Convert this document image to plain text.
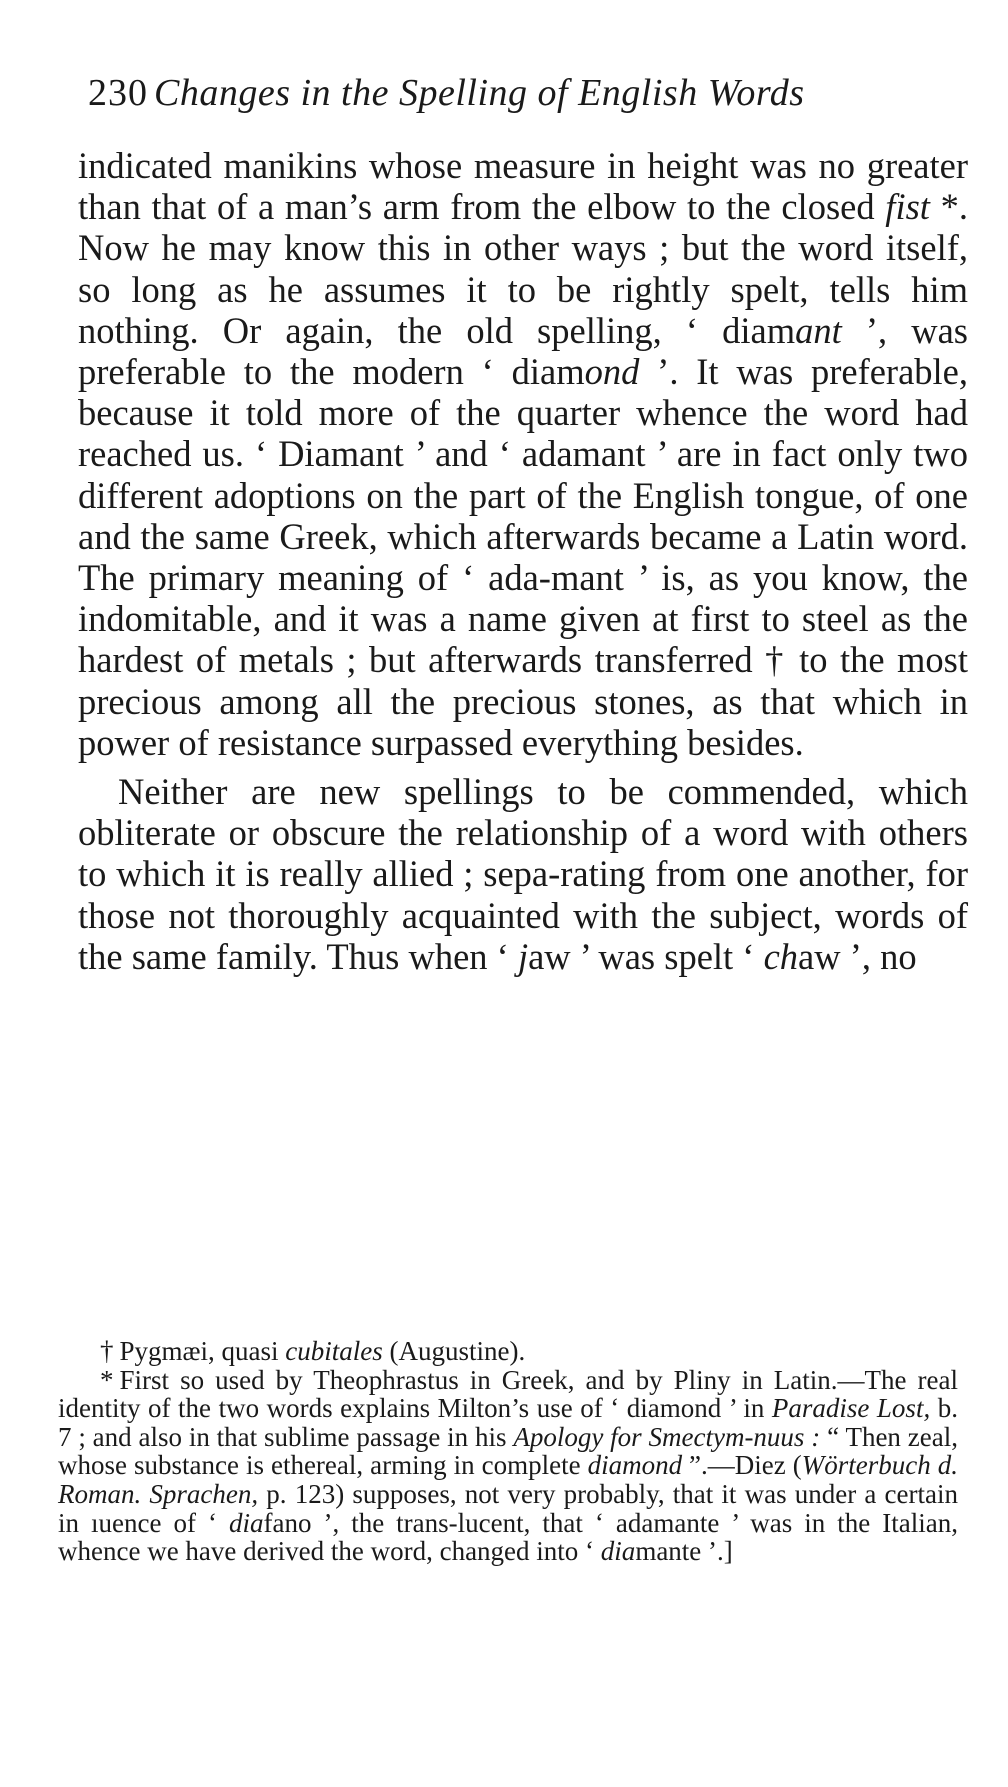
230 Changes in the Spelling of English Words

indicated manikins whose measure in height was no greater than that of a man’s arm from the elbow to the closed fist *. Now he may know this in other ways ; but the word itself, so long as he assumes it to be rightly spelt, tells him nothing. Or again, the old spelling, ‘ diamant ’, was preferable to the modern ‘ diamond ’. It was preferable, because it told more of the quarter whence the word had reached us. ‘ Diamant ’ and ‘ adamant ’ are in fact only two different adoptions on the part of the English tongue, of one and the same Greek, which afterwards became a Latin word. The primary meaning of ‘ ada-mant ’ is, as you know, the indomitable, and it was a name given at first to steel as the hardest of metals ; but afterwards transferred † to the most precious among all the precious stones, as that which in power of resistance surpassed everything besides.

Neither are new spellings to be commended, which obliterate or obscure the relationship of a word with others to which it is really allied ; sepa-rating from one another, for those not thoroughly acquainted with the subject, words of the same family. Thus when ‘ jaw ’ was spelt ‘ chaw ’, no

† Pygmæi, quasi cubitales (Augustine).

* First so used by Theophrastus in Greek, and by Pliny in Latin.—The real identity of the two words explains Milton’s use of ‘ diamond ’ in Paradise Lost, b. 7 ; and also in that sublime passage in his Apology for Smectym-nuus : “ Then zeal, whose substance is ethereal, arming in complete diamond ”.—Diez (Wörterbuch d. Roman. Sprachen, p. 123) supposes, not very probably, that it was under a certain in ıuence of ‘ diafano ’, the trans-lucent, that ‘ adamante ’ was in the Italian, whence we have derived the word, changed into ‘ diamante ’.]
